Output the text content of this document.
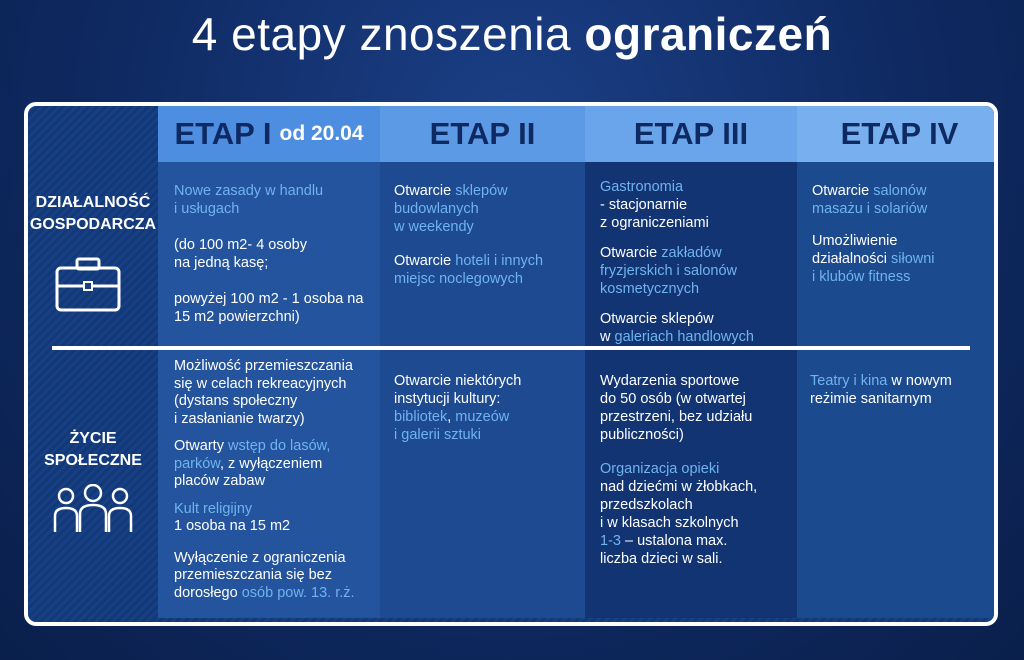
4 etapy znoszenia ograniczeń
ETAP I od 20.04 ETAP II	ETAP III	ETAP IV
DZIAŁALNOŚĆ
GOSPODARCZA
ŻYCIE
SPOŁECZNE

Nowe zasady w handlu
i usługach

(do 100 m2- 4 osoby
na jedną kasę;

powyżej 100 m2 - 1 osoba na
15 m2 powierzchni)

Otwarcie sklepów
budowlanych
w weekendy

Otwarcie hoteli i innych
miejsc noclegowych

Gastronomia
- stacjonarnie
z ograniczeniami

Otwarcie zakładów
fryzjerskich i salonów
kosmetycznych

Otwarcie sklepów
w galeriach handlowych

Otwarcie salonów
masażu i solariów

Umożliwienie
działalności siłowni
i klubów fitness

Możliwość przemieszczania
się w celach rekreacyjnych
(dystans społeczny
i zasłanianie twarzy)

Otwarty wstęp do lasów,
parków, z wyłączeniem
placów zabaw

Kult religijny
1 osoba na 15 m2

Wyłączenie z ograniczenia
przemieszczania się bez
dorosłego osób pow. 13. r.ż.

Otwarcie niektórych
instytucji kultury:
bibliotek, muzeów
i galerii sztuki

Wydarzenia sportowe
do 50 osób (w otwartej
przestrzeni, bez udziału
publiczności)

Organizacja opieki
nad dziećmi w żłobkach,
przedszkolach
i w klasach szkolnych
1-3 – ustalona max.
liczba dzieci w sali.

Teatry i kina w nowym
reżimie sanitarnym
